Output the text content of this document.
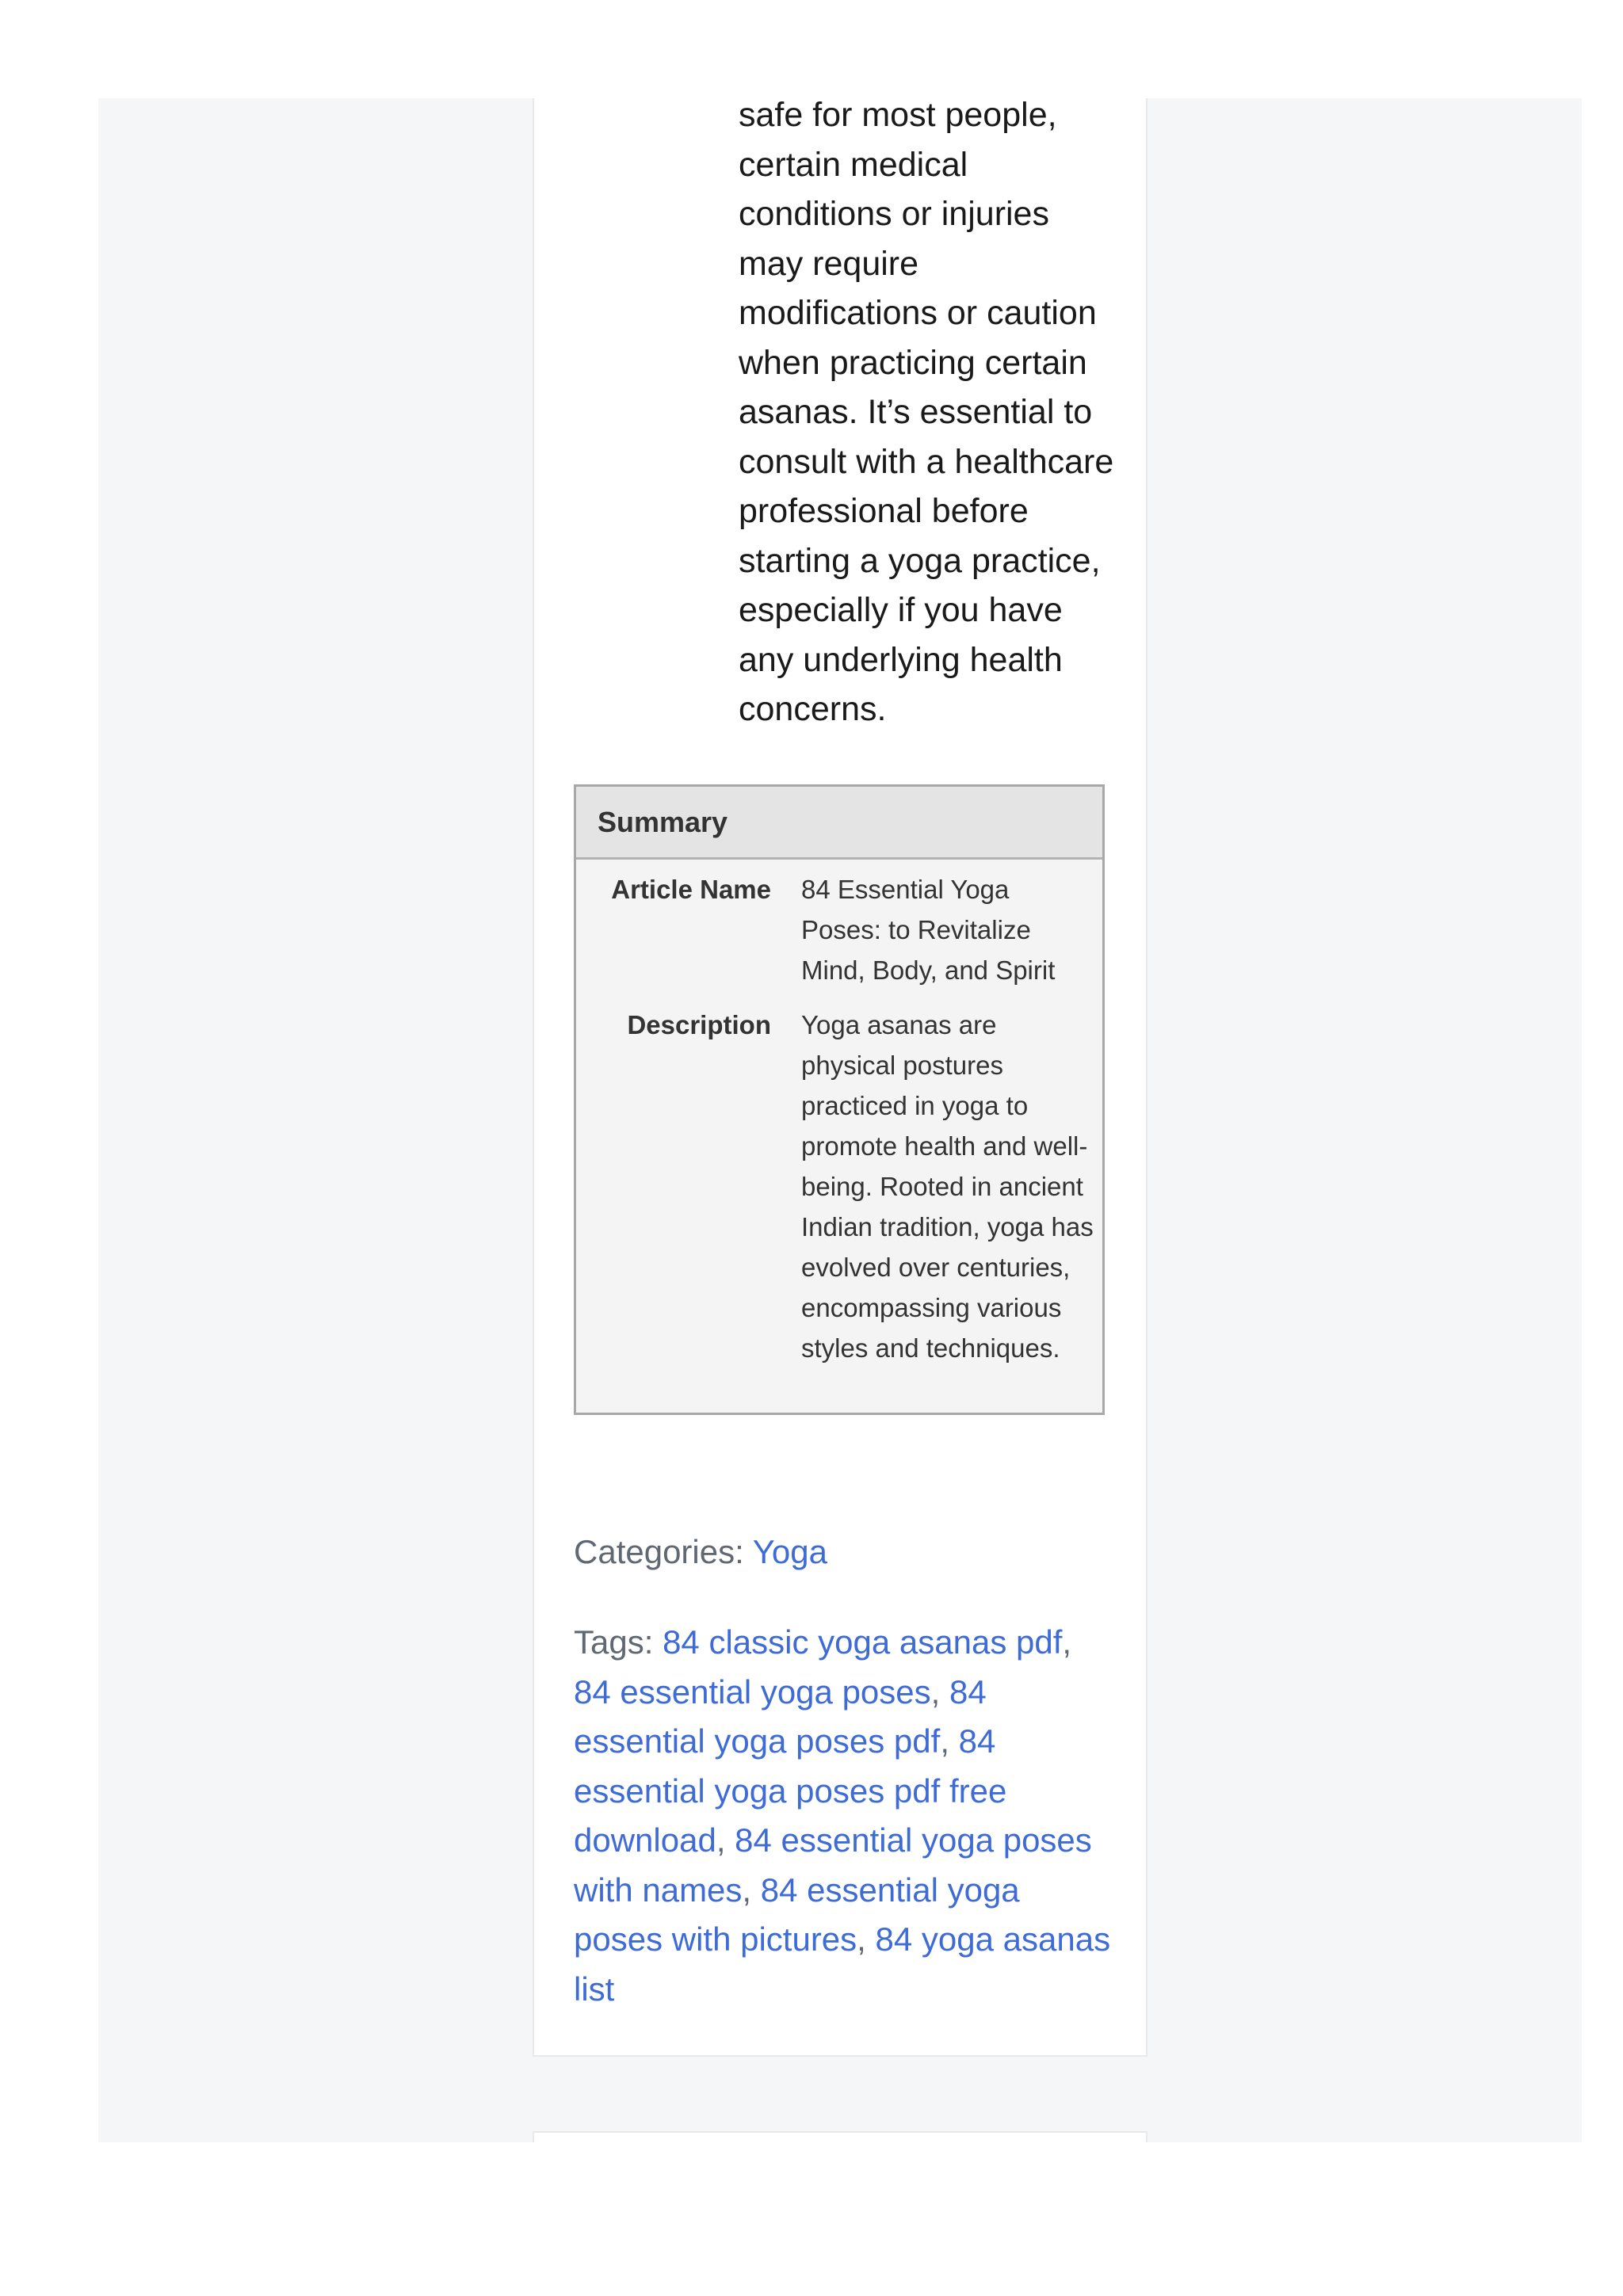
safe for most people, certain medical conditions or injuries may require modifications or caution when practicing certain asanas. It’s essential to consult with a healthcare professional before starting a yoga practice, especially if you have any underlying health concerns.

Summary
Article Name 84 Essential Yoga Poses: to Revitalize Mind, Body, and Spirit
Description Yoga asanas are physical postures practiced in yoga to promote health and well-being. Rooted in ancient Indian tradition, yoga has evolved over centuries, encompassing various styles and techniques.

Categories: Yoga

Tags: 84 classic yoga asanas pdf, 84 essential yoga poses, 84 essential yoga poses pdf, 84 essential yoga poses pdf free download, 84 essential yoga poses with names, 84 essential yoga poses with pictures, 84 yoga asanas list
